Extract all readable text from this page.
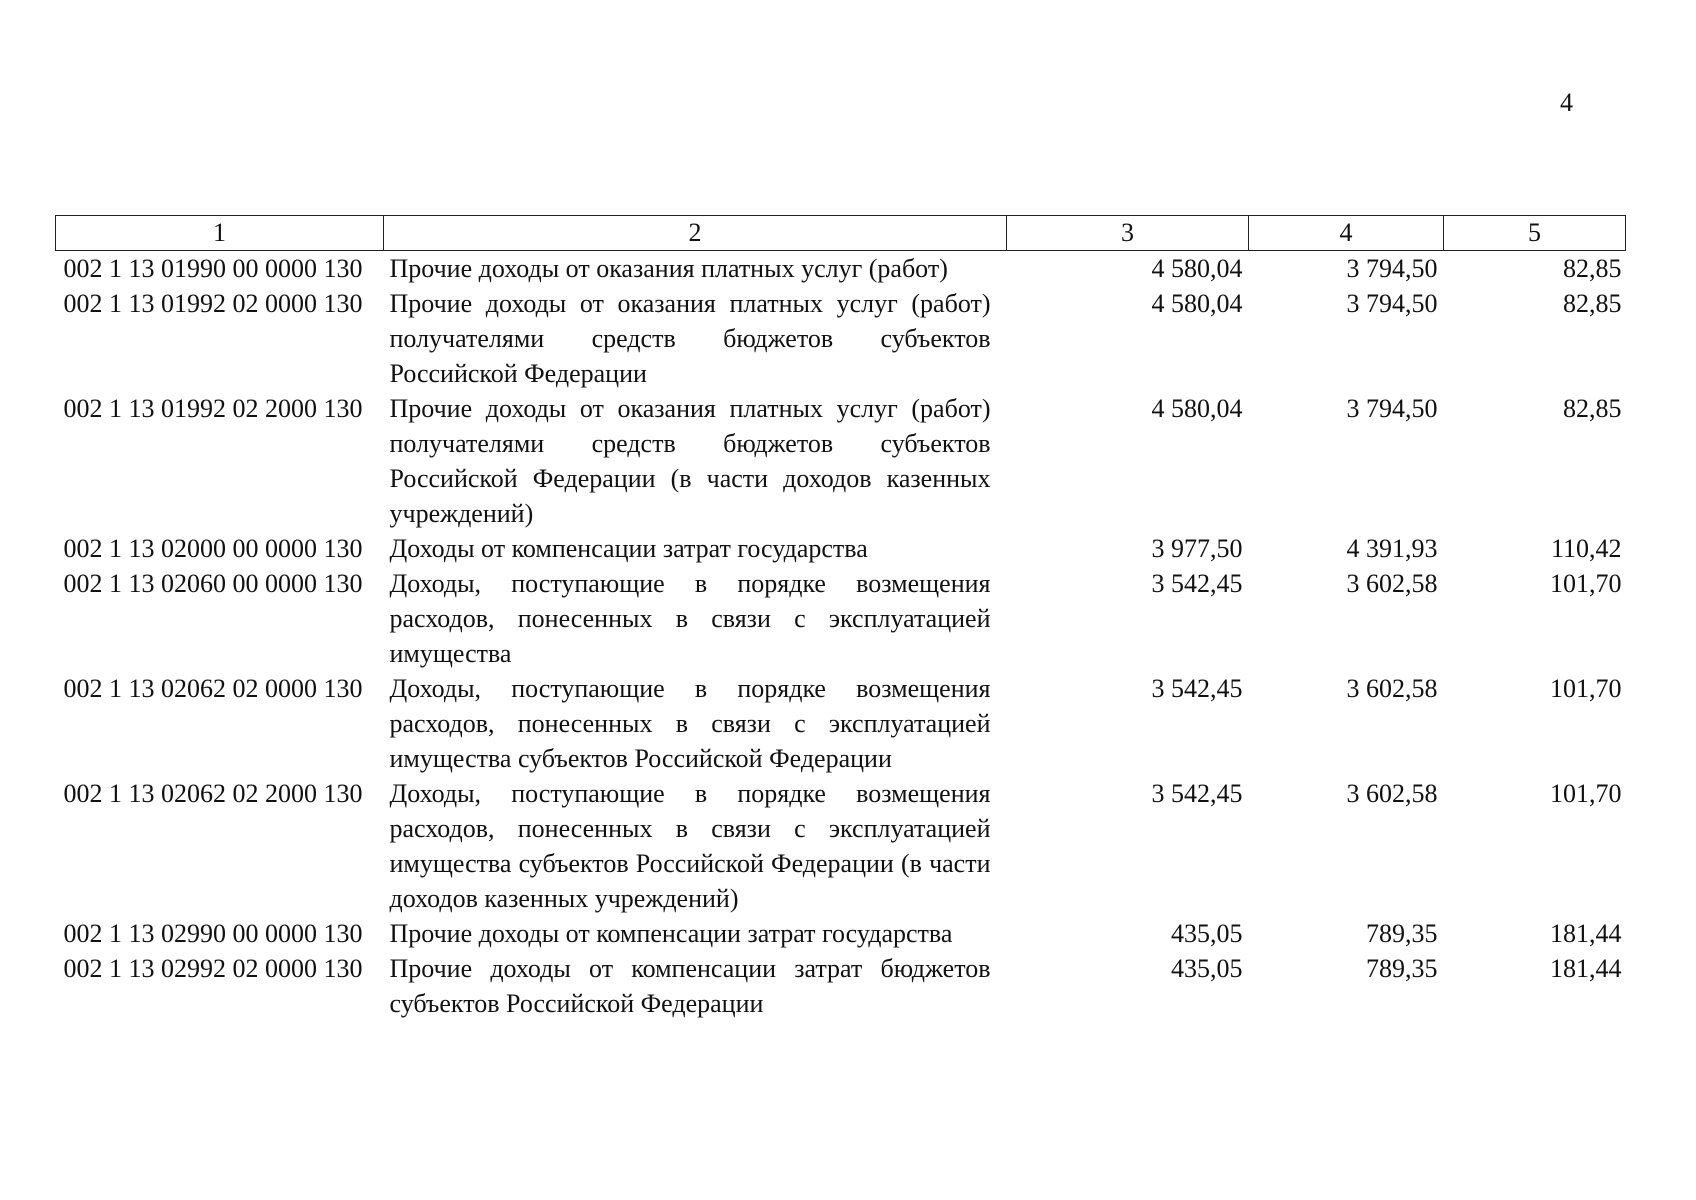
4
1	2	3	4	5
002 1 13 01990 00 0000 130	Прочие доходы от оказания платных услуг (работ)	4 580,04	3 794,50	82,85
002 1 13 01992 02 0000 130	Прочие доходы от оказания платных услуг (работ) получателями средств бюджетов субъектов Российской Федерации	4 580,04	3 794,50	82,85
002 1 13 01992 02 2000 130	Прочие доходы от оказания платных услуг (работ) получателями средств бюджетов субъектов Российской Федерации (в части доходов казенных учреждений)	4 580,04	3 794,50	82,85
002 1 13 02000 00 0000 130	Доходы от компенсации затрат государства	3 977,50	4 391,93	110,42
002 1 13 02060 00 0000 130	Доходы, поступающие в порядке возмещения расходов, понесенных в связи с эксплуатацией имущества	3 542,45	3 602,58	101,70
002 1 13 02062 02 0000 130	Доходы, поступающие в порядке возмещения расходов, понесенных в связи с эксплуатацией имущества субъектов Российской Федерации	3 542,45	3 602,58	101,70
002 1 13 02062 02 2000 130	Доходы, поступающие в порядке возмещения расходов, понесенных в связи с эксплуатацией имущества субъектов Российской Федерации (в части доходов казенных учреждений)	3 542,45	3 602,58	101,70
002 1 13 02990 00 0000 130	Прочие доходы от компенсации затрат государства	435,05	789,35	181,44
002 1 13 02992 02 0000 130	Прочие доходы от компенсации затрат бюджетов субъектов Российской Федерации	435,05	789,35	181,44
